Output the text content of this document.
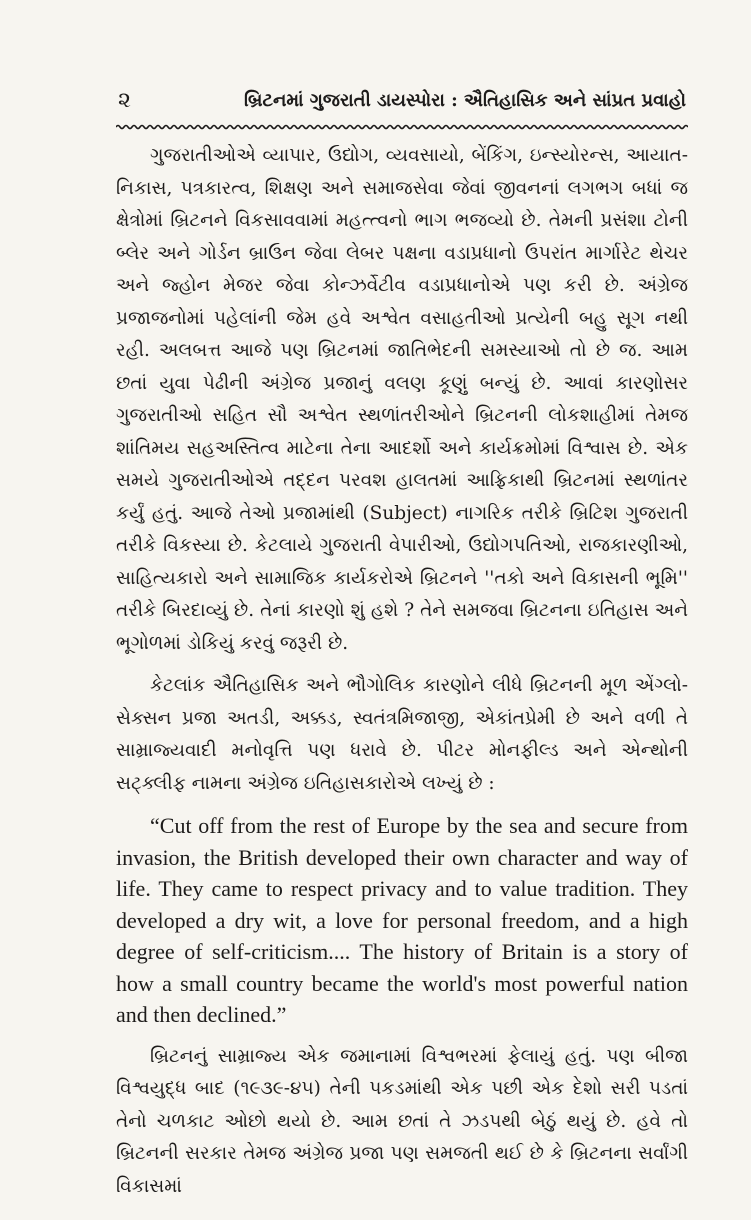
૨	બ્રિટનમાં ગુજરાતી ડાયસ્પોરા : ઐતિહાસિક અને સાંપ્રત પ્રવાહો

ગુજરાતીઓએ વ્યાપાર, ઉદ્યોગ, વ્યવસાયો, બેંકિંગ, ઇન્સ્યોરન્સ, આયાત-નિકાસ, પત્રકારત્વ, શિક્ષણ અને સમાજસેવા જેવાં જીવનનાં લગભગ બધાં જ ક્ષેત્રોમાં બ્રિટનને વિકસાવવામાં મહત્ત્વનો ભાગ ભજવ્યો છે. તેમની પ્રસંશા ટોની બ્લેર અને ગોર્ડન બ્રાઉન જેવા લેબર પક્ષના વડાપ્રધાનો ઉપરાંત માર્ગારેટ થેચર અને જ્હોન મેજર જેવા કોન્ઝર્વેટીવ વડાપ્રધાનોએ પણ કરી છે. અંગ્રેજ પ્રજાજનોમાં પહેલાંની જેમ હવે અશ્વેત વસાહતીઓ પ્રત્યેની બહુ સૂગ નથી રહી. અલબત્ત આજે પણ બ્રિટનમાં જાતિભેદની સમસ્યાઓ તો છે જ. આમ છતાં યુવા પેઢીની અંગ્રેજ પ્રજાનું વલણ કૂણું બન્યું છે. આવાં કારણોસર ગુજરાતીઓ સહિત સૌ અશ્વેત સ્થળાંતરીઓને બ્રિટનની લોકશાહીમાં તેમજ શાંતિમય સહઅસ્તિત્વ માટેના તેના આદર્શો અને કાર્યક્રમોમાં વિશ્વાસ છે. એક સમયે ગુજરાતીઓએ તદ્દન પરવશ હાલતમાં આફ્રિકાથી બ્રિટનમાં સ્થળાંતર કર્યું હતું. આજે તેઓ પ્રજામાંથી (Subject) નાગરિક તરીકે બ્રિટિશ ગુજરાતી તરીકે વિકસ્યા છે. કેટલાયે ગુજરાતી વેપારીઓ, ઉદ્યોગપતિઓ, રાજકારણીઓ, સાહિત્યકારો અને સામાજિક કાર્યકરોએ બ્રિટનને ''તકો અને વિકાસની ભૂમિ'' તરીકે બિરદાવ્યું છે. તેનાં કારણો શું હશે ? તેને સમજવા બ્રિટનના ઇતિહાસ અને ભૂગોળમાં ડોકિયું કરવું જરૂરી છે.

કેટલાંક ઐતિહાસિક અને ભૌગોલિક કારણોને લીધે બ્રિટનની મૂળ એંગ્લો-સેક્સન પ્રજા અતડી, અક્કડ, સ્વતંત્રમિજાજી, એકાંતપ્રેમી છે અને વળી તે સામ્રાજ્યવાદી મનોવૃત્તિ પણ ધરાવે છે. પીટર મોનફીલ્ડ અને એન્થોની સટ્ક્લીફ નામના અંગ્રેજ ઇતિહાસકારોએ લખ્યું છે :

“Cut off from the rest of Europe by the sea and secure from invasion, the British developed their own character and way of life. They came to respect privacy and to value tradition. They developed a dry wit, a love for personal freedom, and a high degree of self-criticism.... The history of Britain is a story of how a small country became the world's most powerful nation and then declined.”

બ્રિટનનું સામ્રાજ્ય એક જમાનામાં વિશ્વભરમાં ફેલાયું હતું. પણ બીજા વિશ્વયુદ્ધ બાદ (૧૯૩૯-૪૫) તેની પકડમાંથી એક પછી એક દેશો સરી પડતાં તેનો ચળકાટ ઓછો થયો છે. આમ છતાં તે ઝડપથી બેઠું થયું છે. હવે તો બ્રિટનની સરકાર તેમજ અંગ્રેજ પ્રજા પણ સમજતી થઈ છે કે બ્રિટનના સર્વાંગી વિકાસમાં
